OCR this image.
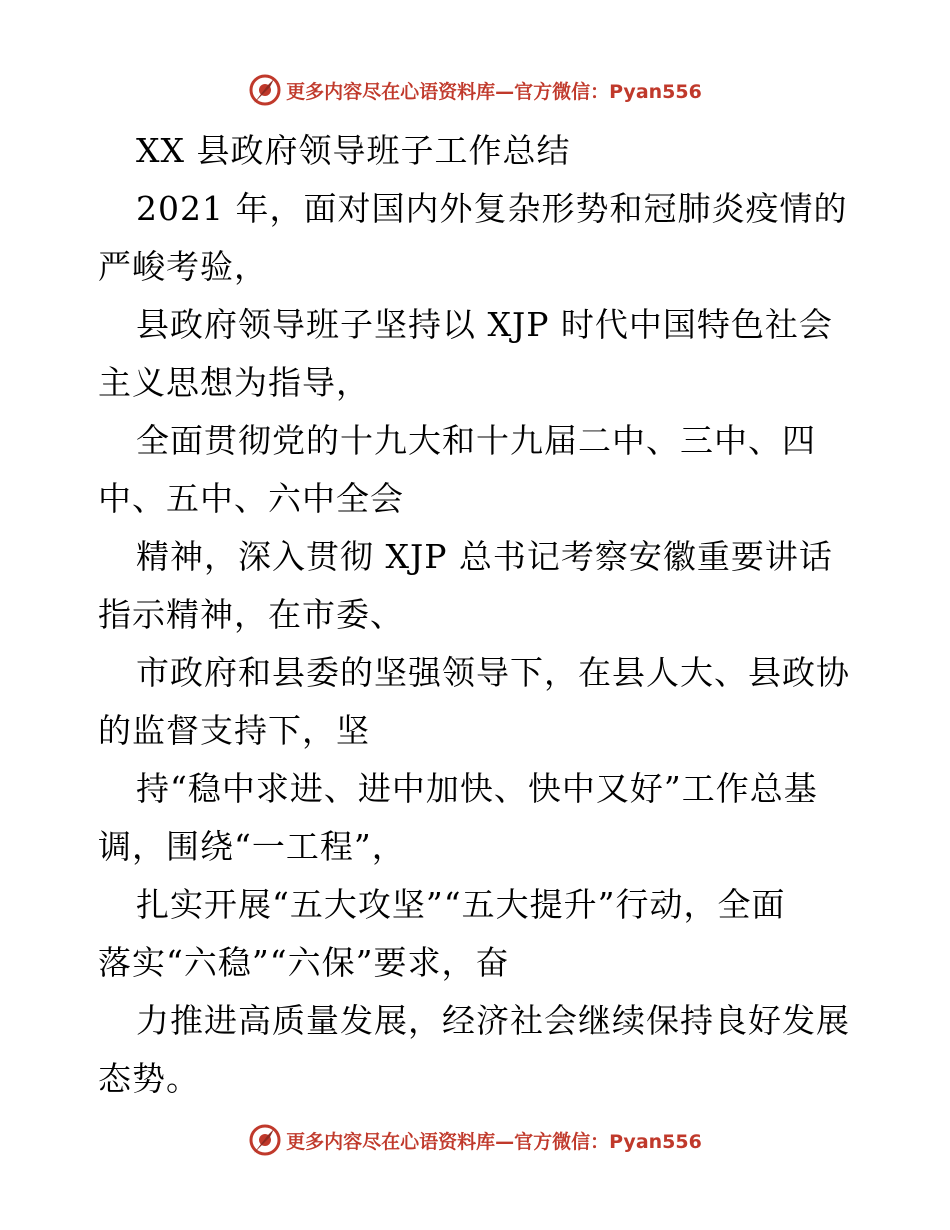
更多内容尽在心语资料库—官方微信：Pyan556
XX 县政府领导班子工作总结
2021 年，面对国内外复杂形势和冠肺炎疫情的
严峻考验，
县政府领导班子坚持以 XJP 时代中国特色社会
主义思想为指导，
全面贯彻党的十九大和十九届二中、三中、四
中、五中、六中全会
精神，深入贯彻 XJP 总书记考察安徽重要讲话
指示精神，在市委、
市政府和县委的坚强领导下，在县人大、县政协
的监督支持下，坚
持“稳中求进、进中加快、快中又好”工作总基
调，围绕“一工程”，
扎实开展“五大攻坚”“五大提升”行动，全面
落实“六稳”“六保”要求，奋
力推进高质量发展，经济社会继续保持良好发展
态势。
更多内容尽在心语资料库—官方微信：Pyan556
